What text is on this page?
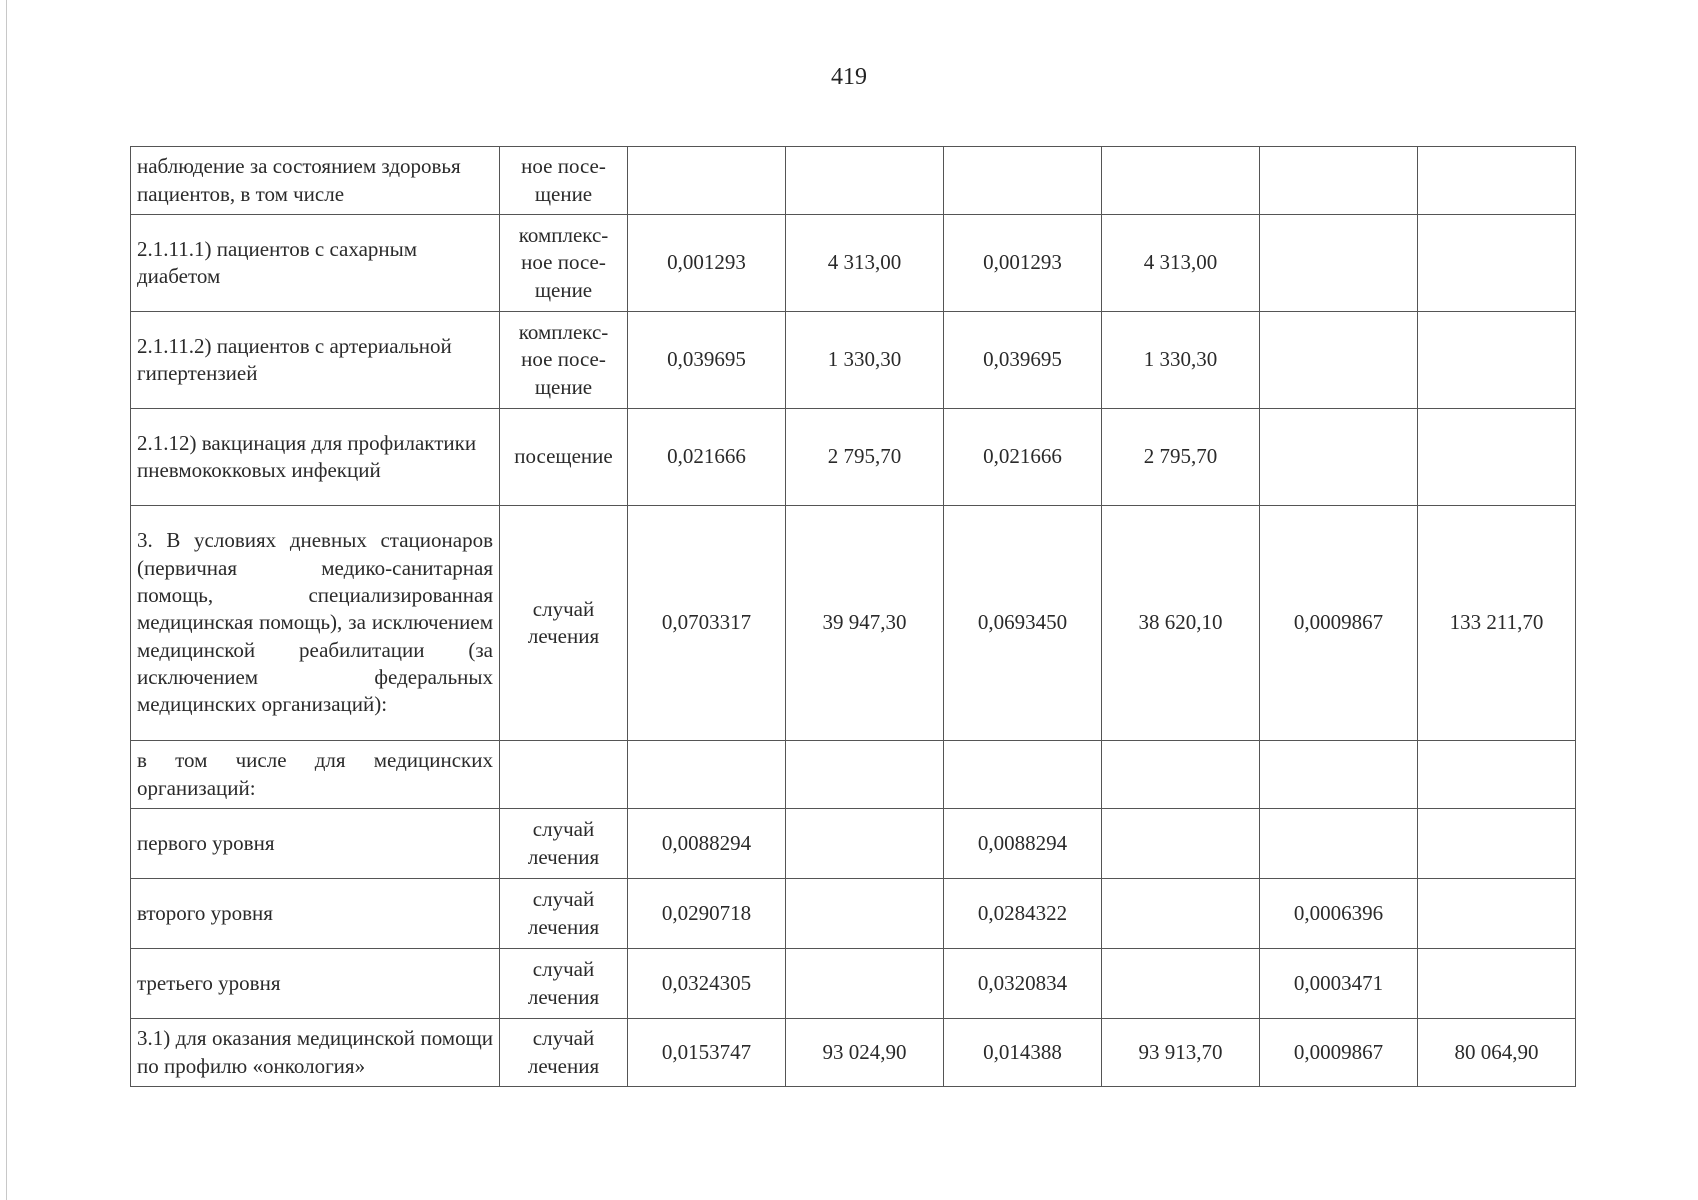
419
наблюдение за состоянием здоровья пациентов, в том числе	ное посе-щение						
2.1.11.1) пациентов с сахарным диабетом	комплекс-ное посе-щение	0,001293	4 313,00	0,001293	4 313,00		
2.1.11.2) пациентов с артериальной гипертензией	комплекс-ное посе-щение	0,039695	1 330,30	0,039695	1 330,30		
2.1.12) вакцинация для профилактики пневмококковых инфекций	посещение	0,021666	2 795,70	0,021666	2 795,70		
3. В условиях дневных стационаров (первичная медико-санитарная помощь, специализированная медицинская помощь), за исключением медицинской реабилитации (за исключением федеральных медицинских организаций):	случай лечения	0,0703317	39 947,30	0,0693450	38 620,10	0,0009867	133 211,70
в том числе для медицинских организаций:							
первого уровня	случай лечения	0,0088294		0,0088294			
второго уровня	случай лечения	0,0290718		0,0284322		0,0006396	
третьего уровня	случай лечения	0,0324305		0,0320834		0,0003471	
3.1) для оказания медицинской помощи по профилю «онкология»	случай лечения	0,0153747	93 024,90	0,014388	93 913,70	0,0009867	80 064,90
